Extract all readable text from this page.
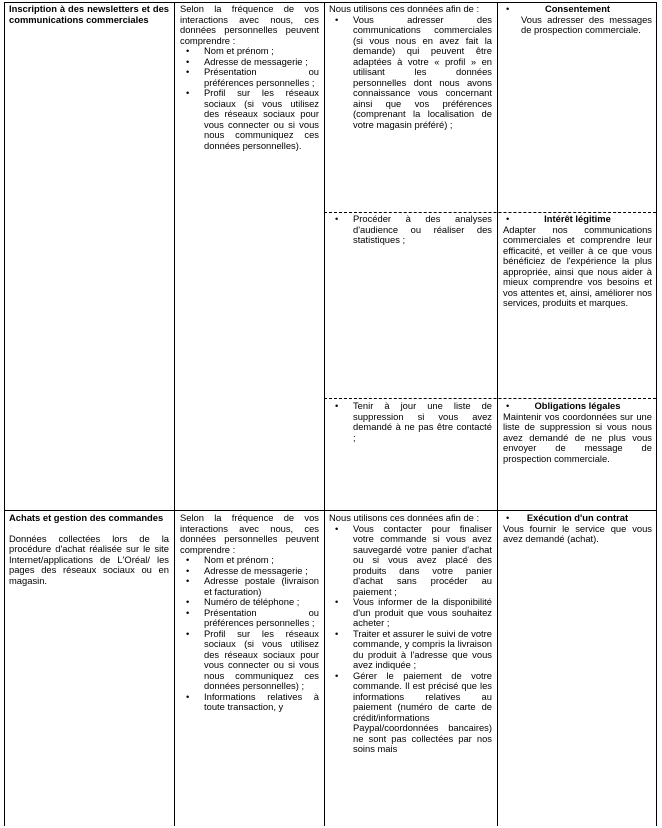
Inscription à des newsletters et des communications commerciales

Selon la fréquence de vos interactions avec nous, ces données personnelles peuvent comprendre :

• Nom et prénom ;
• Adresse de messagerie ;
• Présentation ou préférences personnelles ;
• Profil sur les réseaux sociaux (si vous utilisez des réseaux sociaux pour vous connecter ou si vous nous communiquez ces données personnelles).

Nous utilisons ces données afin de :

• Vous adresser des communications commerciales (si vous nous en avez fait la demande) qui peuvent être adaptées à votre « profil » en utilisant les données personnelles dont nous avons connaissance vous concernant ainsi que vos préférences (comprenant la localisation de votre magasin préféré) ;
• Consentement

Vous adresser des messages de prospection commerciale.

• Procéder à des analyses d'audience ou réaliser des statistiques ;
• Intérêt légitime

Adapter nos communications commerciales et comprendre leur efficacité, et veiller à ce que vous bénéficiez de l'expérience la plus appropriée, ainsi que nous aider à mieux comprendre vos besoins et vos attentes et, ainsi, améliorer nos services, produits et marques.

• Tenir à jour une liste de suppression si vous avez demandé à ne pas être contacté ;
• Obligations légales

Maintenir vos coordonnées sur une liste de suppression si vous nous avez demandé de ne plus vous envoyer de message de prospection commerciale.

Achats et gestion des commandes

Données collectées lors de la procédure d'achat réalisée sur le site Internet/applications de L'Oréal/ les pages des réseaux sociaux ou en magasin.

Selon la fréquence de vos interactions avec nous, ces données personnelles peuvent comprendre :

• Nom et prénom ;
• Adresse de messagerie ;
• Adresse postale (livraison et facturation)
• Numéro de téléphone ;
• Présentation ou préférences personnelles ;
• Profil sur les réseaux sociaux (si vous utilisez des réseaux sociaux pour vous connecter ou si vous nous communiquez ces données personnelles) ;
• Informations relatives à toute transaction, y

Nous utilisons ces données afin de :

• Vous contacter pour finaliser votre commande si vous avez sauvegardé votre panier d'achat ou si vous avez placé des produits dans votre panier d'achat sans procéder au paiement ;
• Vous informer de la disponibilité d'un produit que vous souhaitez acheter ;
• Traiter et assurer le suivi de votre commande, y compris la livraison du produit à l'adresse que vous avez indiquée ;
• Gérer le paiement de votre commande. Il est précisé que les informations relatives au paiement (numéro de carte de crédit/informations Paypal/coordonnées bancaires) ne sont pas collectées par nos soins mais
• Exécution d'un contrat

Vous fournir le service que vous avez demandé (achat).
